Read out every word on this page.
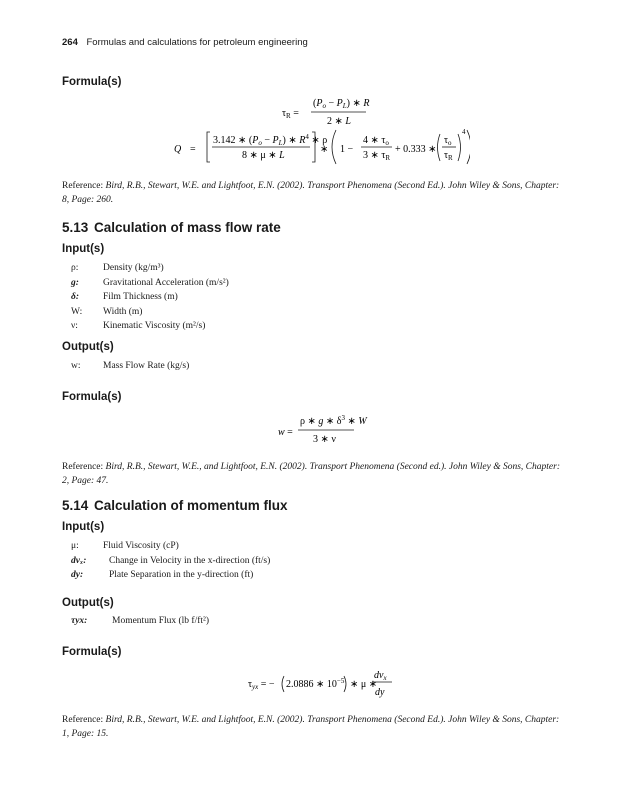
264 Formulas and calculations for petroleum engineering
Formula(s)
$\tau_R$ =
$(P_o - P_L)$ ∗ R
2 ∗ L
Q =
3.142 ∗ $(P_o - P_L)$ ∗ $R^4$ ∗ ρ
8 ∗ μ ∗ L
∗ 1 −
4 ∗ $\tau_o$
3 ∗ $\tau_R$
+ 0.333 ∗
$\tau_o$
$\tau_R$
4
Reference: Bird, R.B., Stewart, W.E. and Lightfoot, E.N. (2002). Transport Phenomena (Second Ed.). John Wiley & Sons, Chapter: 8, Page: 260.
5.13 Calculation of mass flow rate
Input(s)
ρ:	Density (kg/m³)
g:	Gravitational Acceleration (m/s²)
δ:	Film Thickness (m)
W: Width (m)
ν:	Kinematic Viscosity (m²/s)
Output(s)
w: Mass Flow Rate (kg/s)
Formula(s)
w =
ρ ∗ g ∗ $\delta^3$ ∗ W
3 ∗ ν
Reference: Bird, R.B., Stewart, W.E., and Lightfoot, E.N. (2002). Transport Phenomena (Second ed.). John Wiley & Sons, Chapter: 2, Page: 47.
5.14 Calculation of momentum flux
Input(s)
μ:	Fluid Viscosity (cP)
dvₓ: Change in Velocity in the x-direction (ft/s)
dy:	Plate Separation in the y-direction (ft)
Output(s)
τyx:	Momentum Flux (lb f/ft²)
Formula(s)
$\tau_{yx}$ = − 2.0886 ∗ $10^{-5}$ ∗ μ ∗
$dv_x$
dy
Reference: Bird, R.B., Stewart, W.E. and Lightfoot, E.N. (2002). Transport Phenomena (Second Ed.). John Wiley & Sons, Chapter: 1, Page: 15.
